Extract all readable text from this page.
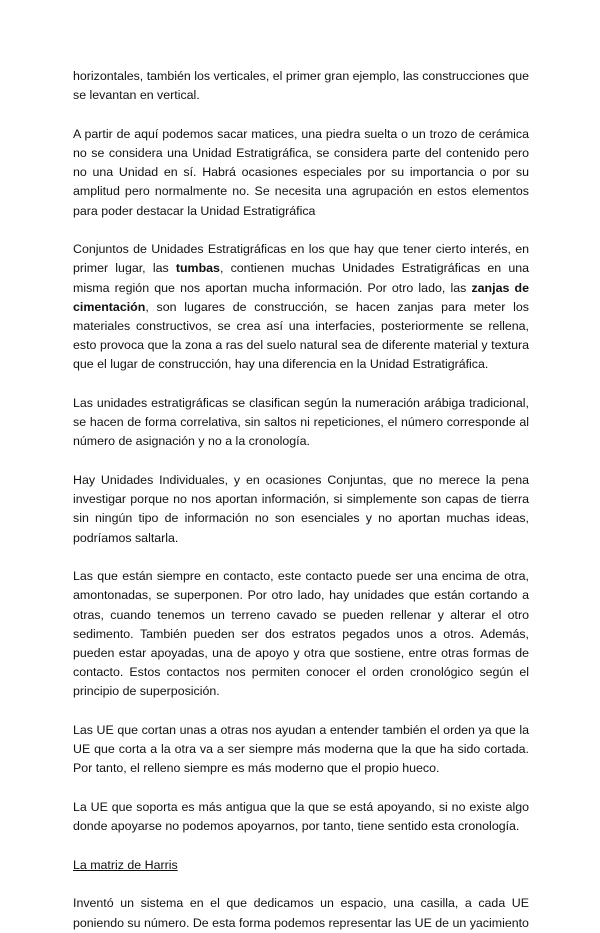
horizontales, también los verticales, el primer gran ejemplo, las construcciones que se levantan en vertical.

A partir de aquí podemos sacar matices, una piedra suelta o un trozo de cerámica no se considera una Unidad Estratigráfica, se considera parte del contenido pero no una Unidad en sí. Habrá ocasiones especiales por su importancia o por su amplitud pero normalmente no. Se necesita una agrupación en estos elementos para poder destacar la Unidad Estratigráfica

Conjuntos de Unidades Estratigráficas en los que hay que tener cierto interés, en primer lugar, las tumbas, contienen muchas Unidades Estratigráficas en una misma región que nos aportan mucha información. Por otro lado, las zanjas de cimentación, son lugares de construcción, se hacen zanjas para meter los materiales constructivos, se crea así una interfacies, posteriormente se rellena, esto provoca que la zona a ras del suelo natural sea de diferente material y textura que el lugar de construcción, hay una diferencia en la Unidad Estratigráfica.

Las unidades estratigráficas se clasifican según la numeración arábiga tradicional, se hacen de forma correlativa, sin saltos ni repeticiones, el número corresponde al número de asignación y no a la cronología.

Hay Unidades Individuales, y en ocasiones Conjuntas, que no merece la pena investigar porque no nos aportan información, si simplemente son capas de tierra sin ningún tipo de información no son esenciales y no aportan muchas ideas, podríamos saltarla.

Las que están siempre en contacto, este contacto puede ser una encima de otra, amontonadas, se superponen. Por otro lado, hay unidades que están cortando a otras, cuando tenemos un terreno cavado se pueden rellenar y alterar el otro sedimento. También pueden ser dos estratos pegados unos a otros. Además, pueden estar apoyadas, una de apoyo y otra que sostiene, entre otras formas de contacto. Estos contactos nos permiten conocer el orden cronológico según el principio de superposición.

Las UE que cortan unas a otras nos ayudan a entender también el orden ya que la UE que corta a la otra va a ser siempre más moderna que la que ha sido cortada. Por tanto, el relleno siempre es más moderno que el propio hueco.

La UE que soporta es más antigua que la que se está apoyando, si no existe algo donde apoyarse no podemos apoyarnos, por tanto, tiene sentido esta cronología.

La matriz de Harris

Inventó un sistema en el que dedicamos un espacio, una casilla, a cada UE poniendo su número. De esta forma podemos representar las UE de un yacimiento
